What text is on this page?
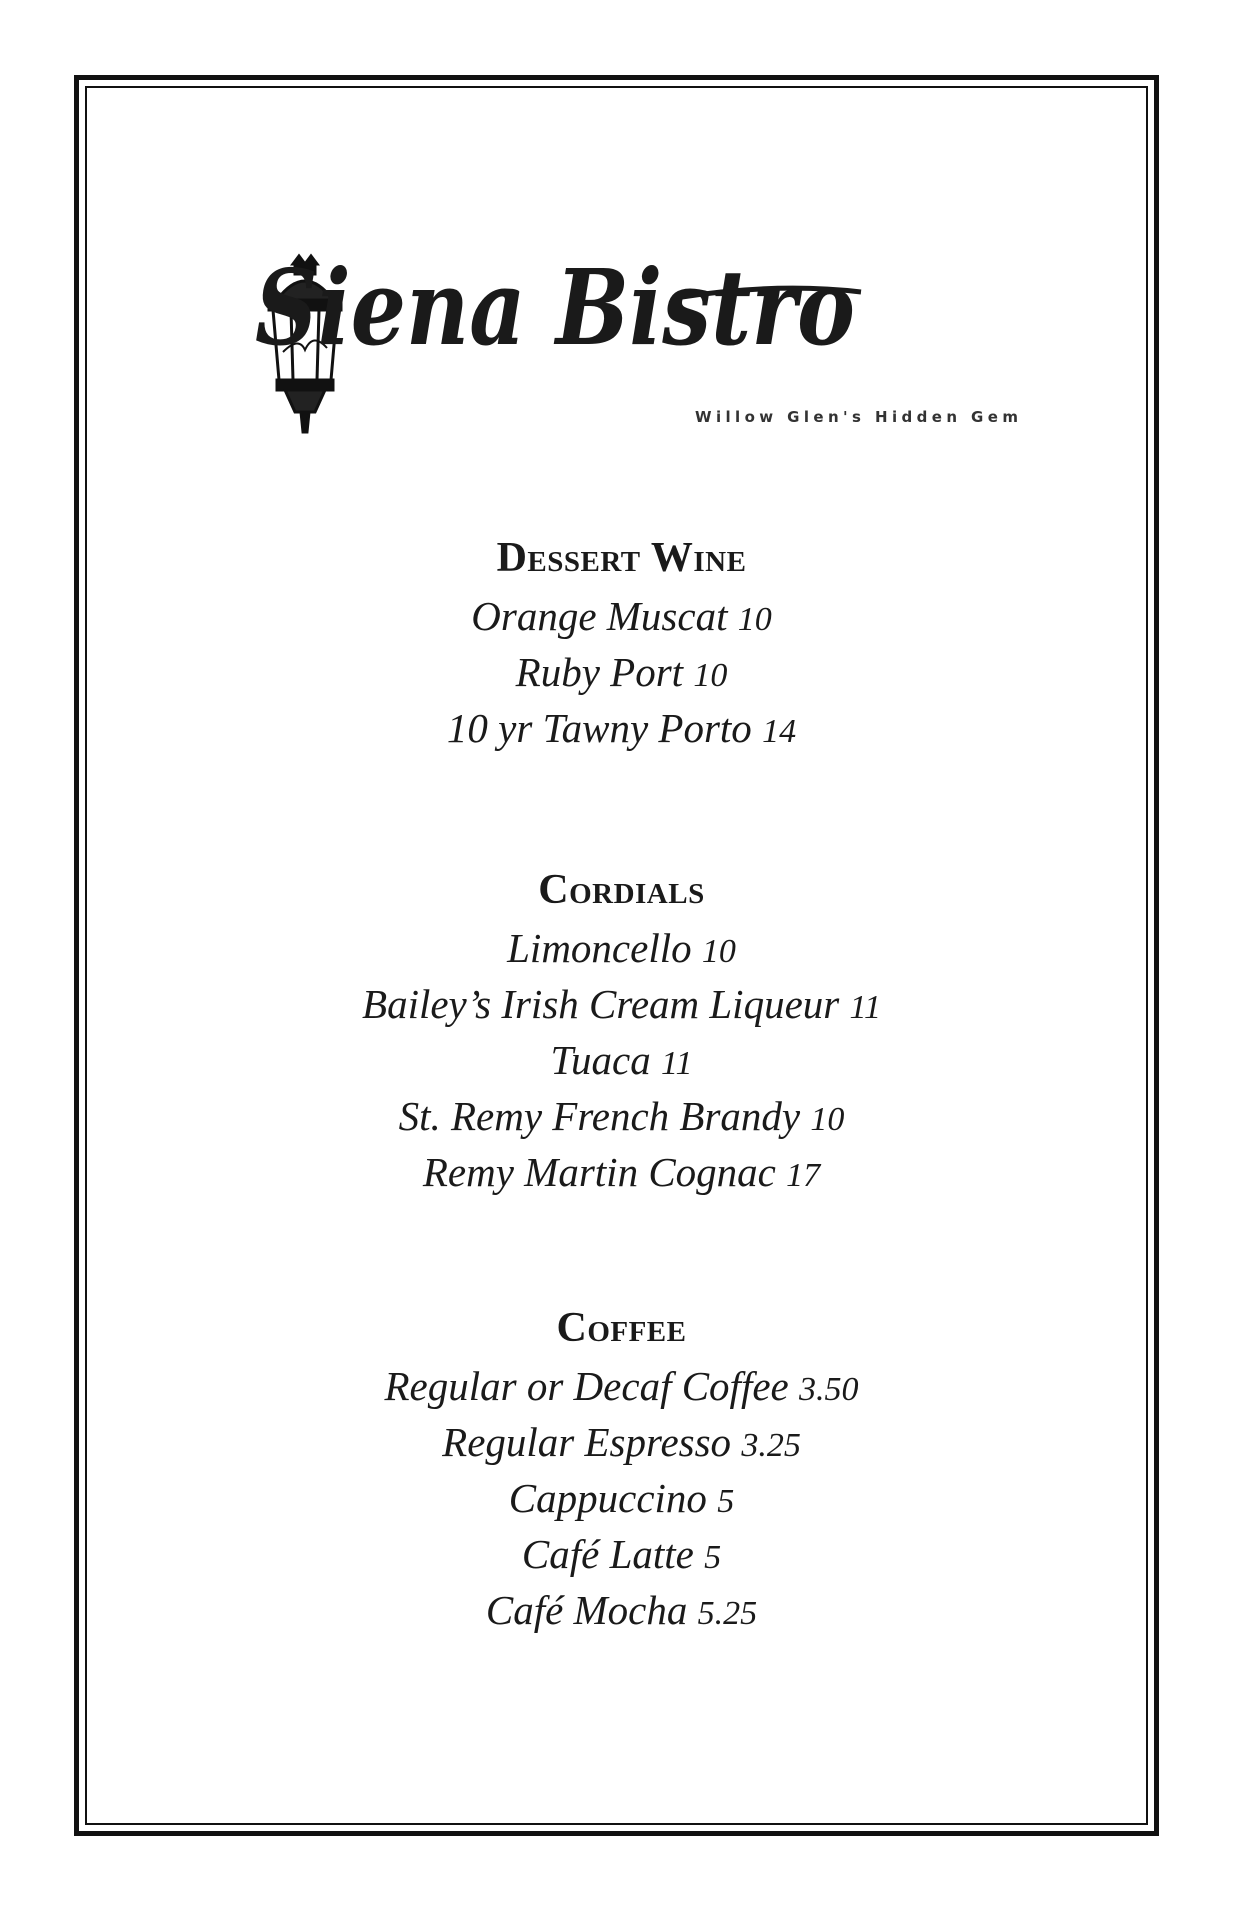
Siena Bistro
Willow Glen's Hidden Gem
Dessert Wine
Orange Muscat 10
Ruby Port 10
10 yr Tawny Porto 14
Cordials
Limoncello 10
Bailey’s Irish Cream Liqueur 11
Tuaca 11
St. Remy French Brandy 10
Remy Martin Cognac 17
Coffee
Regular or Decaf Coffee 3.50
Regular Espresso 3.25
Cappuccino 5
Café Latte 5
Café Mocha 5.25
